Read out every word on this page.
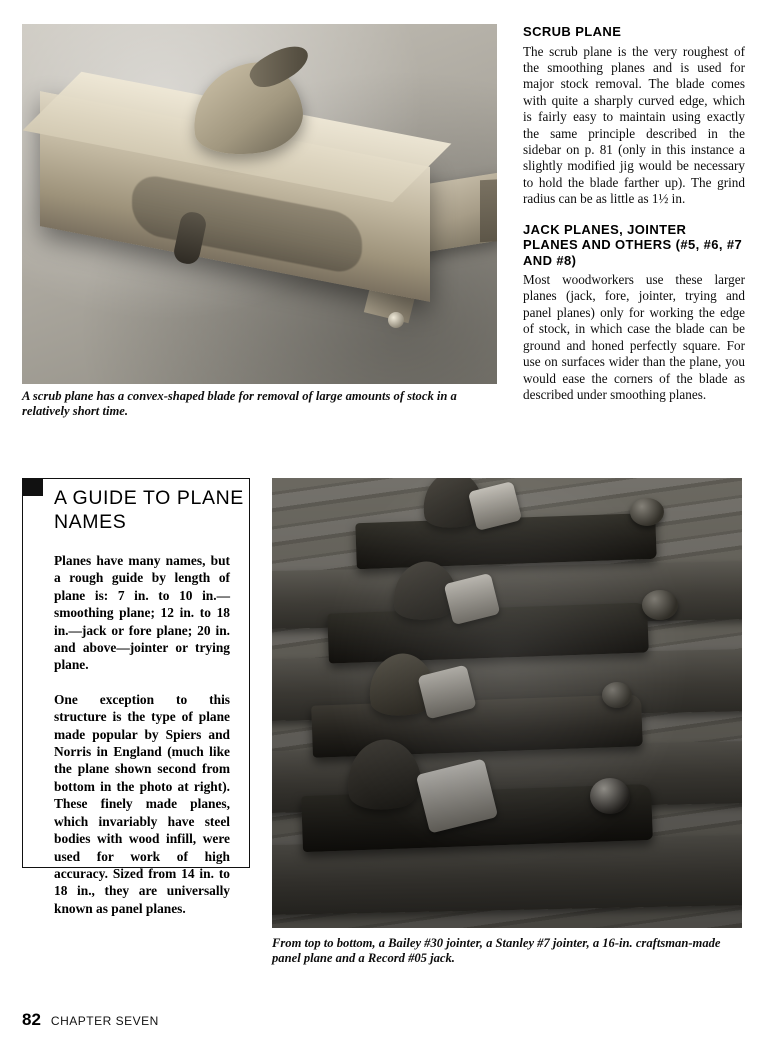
A scrub plane has a convex-shaped blade for removal of large amounts of stock in a relatively short time.
SCRUB PLANE

The scrub plane is the very roughest of the smoothing planes and is used for major stock removal. The blade comes with quite a sharply curved edge, which is fairly easy to maintain using exactly the same principle described in the sidebar on p. 81 (only in this instance a slightly modified jig would be necessary to hold the blade farther up). The grind radius can be as little as 1½ in.

JACK PLANES, JOINTER PLANES AND OTHERS (#5, #6, #7 AND #8)

Most woodworkers use these larger planes (jack, fore, jointer, trying and panel planes) only for working the edge of stock, in which case the blade can be ground and honed perfectly square. For use on surfaces wider than the plane, you would ease the corners of the blade as described under smoothing planes.

A GUIDE TO PLANE NAMES

Planes have many names, but a rough guide by length of plane is: 7 in. to 10 in.—smoothing plane; 12 in. to 18 in.—jack or fore plane; 20 in. and above—jointer or trying plane.

One exception to this structure is the type of plane made popular by Spiers and Norris in England (much like the plane shown second from bottom in the photo at right). These finely made planes, which invariably have steel bodies with wood infill, were used for work of high accuracy. Sized from 14 in. to 18 in., they are universally known as panel planes.

From top to bottom, a Bailey #30 jointer, a Stanley #7 jointer, a 16-in. craftsman-made panel plane and a Record #05 jack.
82 CHAPTER SEVEN
